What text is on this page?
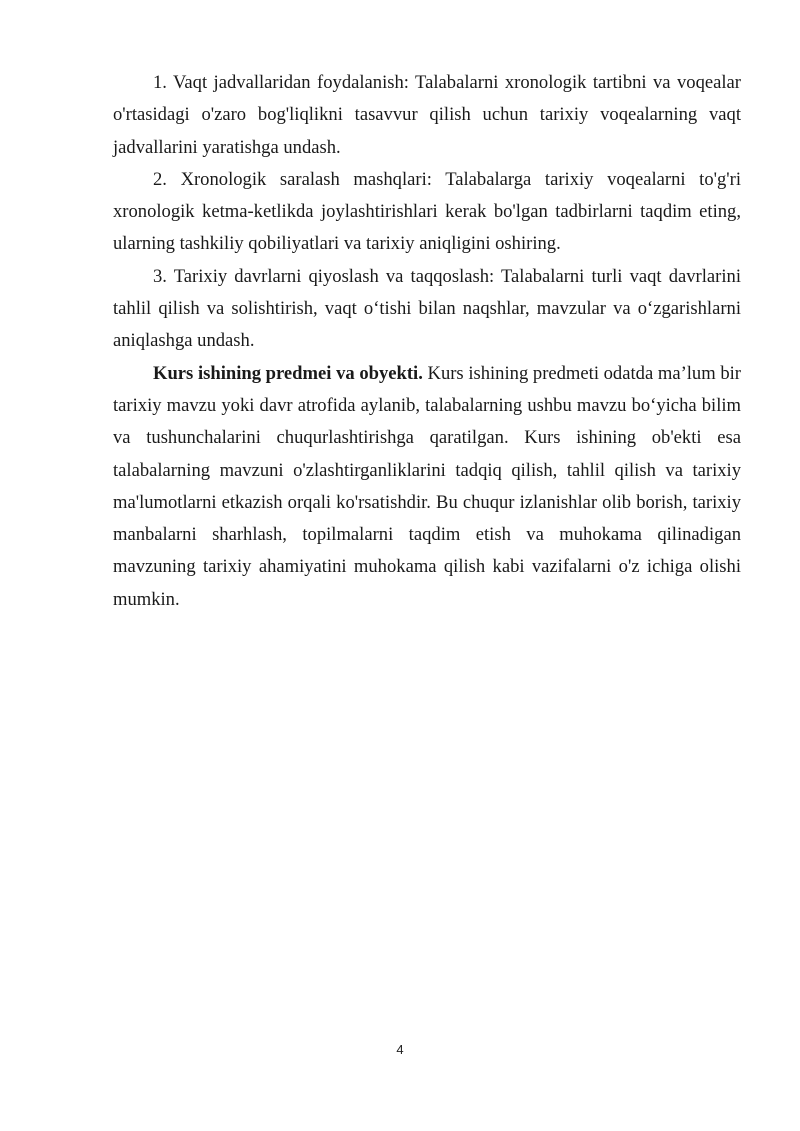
1. Vaqt jadvallaridan foydalanish: Talabalarni xronologik tartibni va voqealar o'rtasidagi o'zaro bog'liqlikni tasavvur qilish uchun tarixiy voqealarning vaqt jadvallarini yaratishga undash.

2. Xronologik saralash mashqlari: Talabalarga tarixiy voqealarni to'g'ri xronologik ketma-ketlikda joylashtirishlari kerak bo'lgan tadbirlarni taqdim eting, ularning tashkiliy qobiliyatlari va tarixiy aniqligini oshiring.

3. Tarixiy davrlarni qiyoslash va taqqoslash: Talabalarni turli vaqt davrlarini tahlil qilish va solishtirish, vaqt o‘tishi bilan naqshlar, mavzular va o‘zgarishlarni aniqlashga undash.

Kurs ishining predmei va obyekti. Kurs ishining predmeti odatda ma’lum bir tarixiy mavzu yoki davr atrofida aylanib, talabalarning ushbu mavzu bo‘yicha bilim va tushunchalarini chuqurlashtirishga qaratilgan. Kurs ishining ob'ekti esa talabalarning mavzuni o'zlashtirganliklarini tadqiq qilish, tahlil qilish va tarixiy ma'lumotlarni etkazish orqali ko'rsatishdir. Bu chuqur izlanishlar olib borish, tarixiy manbalarni sharhlash, topilmalarni taqdim etish va muhokama qilinadigan mavzuning tarixiy ahamiyatini muhokama qilish kabi vazifalarni o'z ichiga olishi mumkin.

4
